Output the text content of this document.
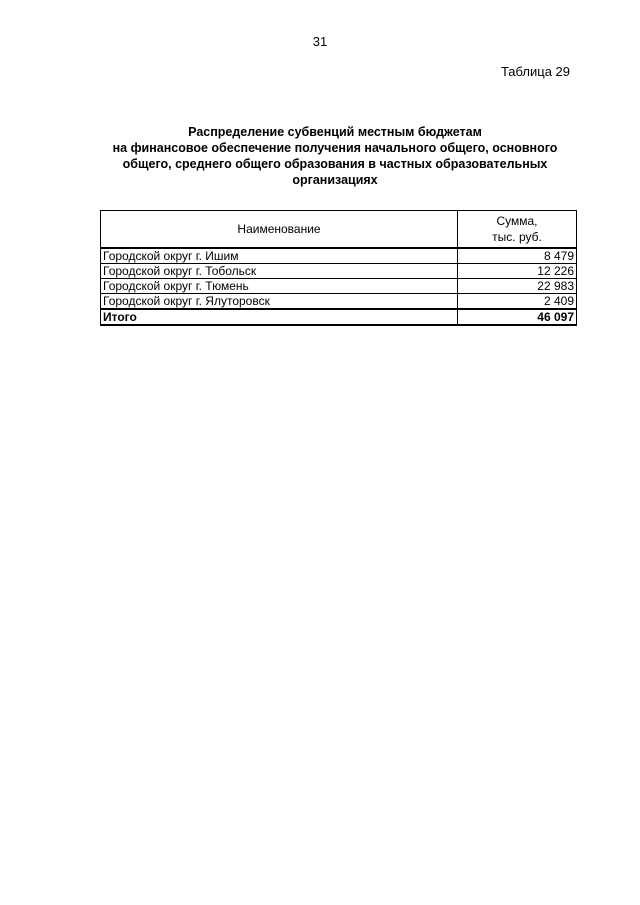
31
Таблица 29
Распределение субвенций местным бюджетам
на финансовое обеспечение получения начального общего, основного
общего, среднего общего образования в частных образовательных
организациях
Наименование	Сумма,
тыс. руб.

Городской округ г. Ишим	8 479
Городской округ г. Тобольск	12 226
Городской округ г. Тюмень	22 983
Городской округ г. Ялуторовск	2 409
Итого	46 097
